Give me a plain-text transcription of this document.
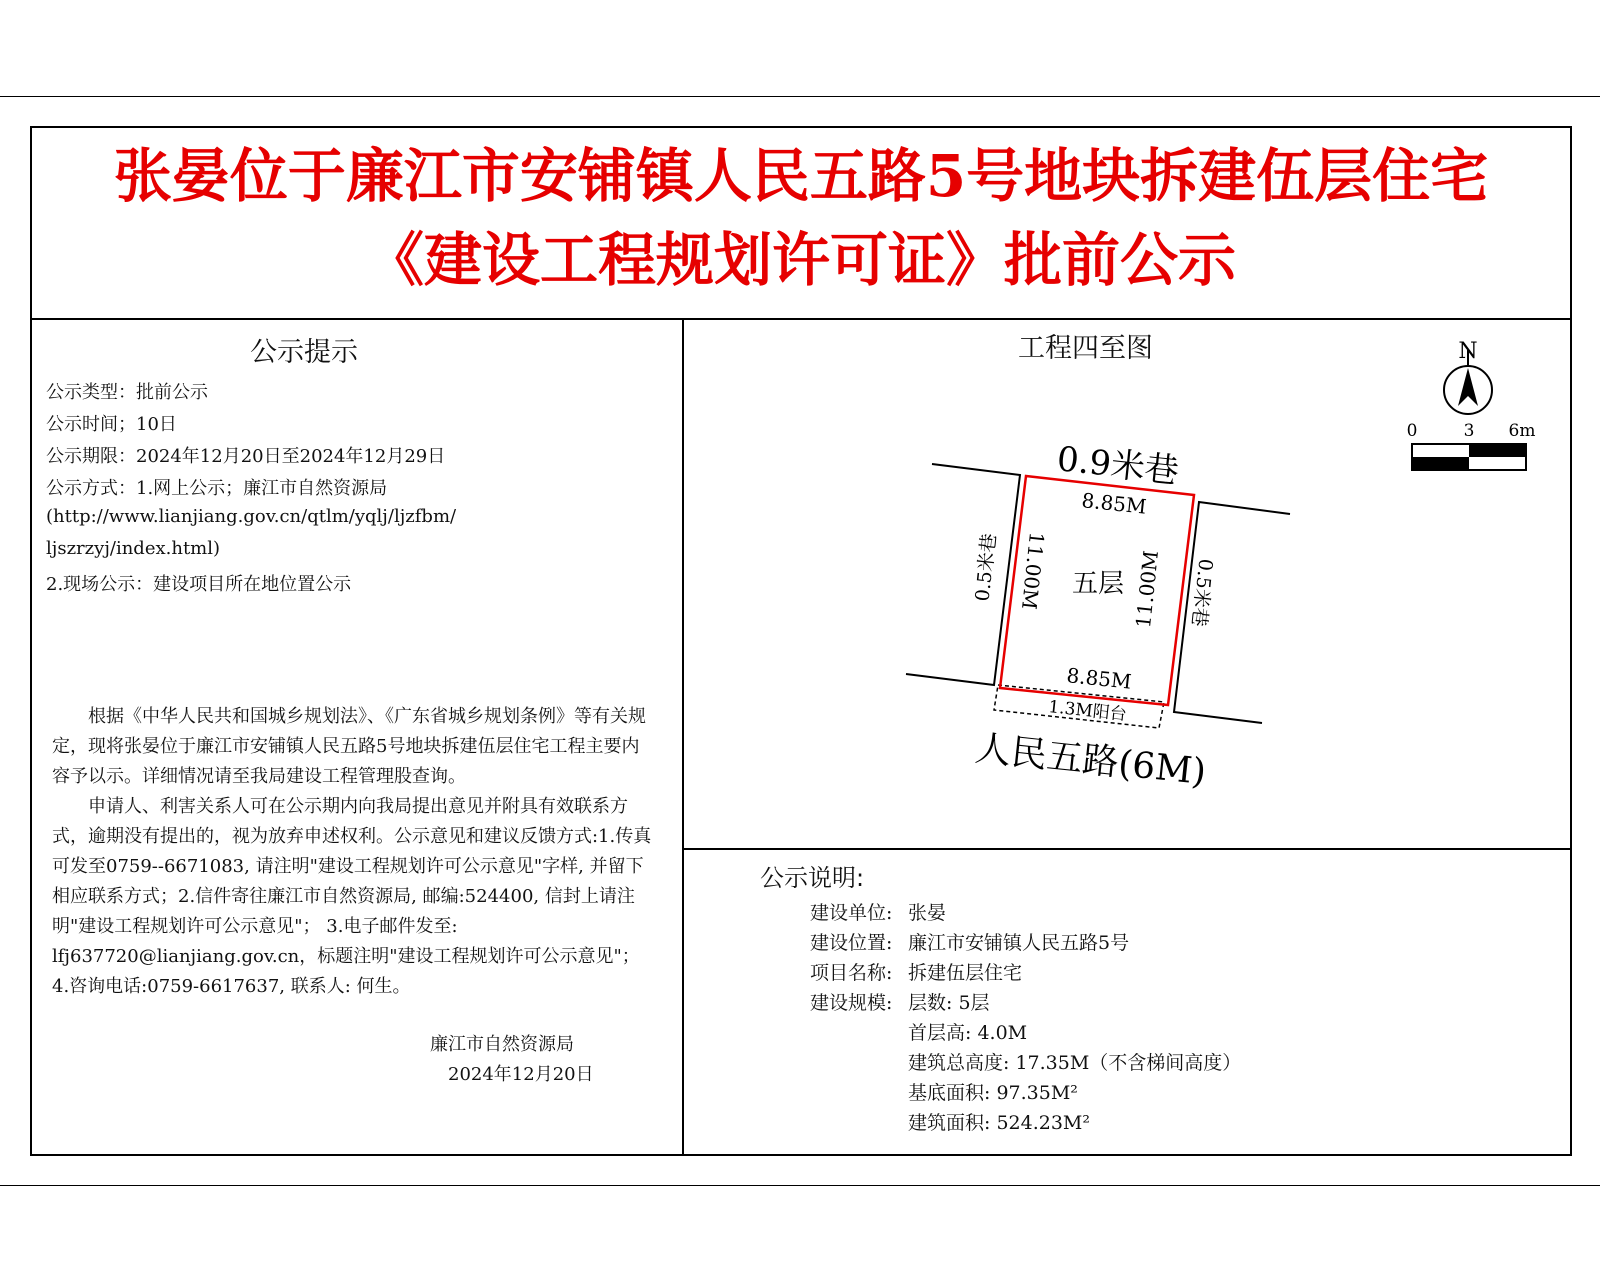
张晏位于廉江市安铺镇人民五路5号地块拆建伍层住宅
《建设工程规划许可证》批前公示
公示提示
公示类型：批前公示
公示时间；10日
公示期限：2024年12月20日至2024年12月29日
公示方式：1.网上公示；廉江市自然资源局
(http://www.lianjiang.gov.cn/qtlm/yqlj/ljzfbm/
ljszrzyj/index.html)
2.现场公示：建设项目所在地位置公示

根据《中华人民共和国城乡规划法》、《广东省城乡规划条例》等有关规定，现将张晏位于廉江市安铺镇人民五路5号地块拆建伍层住宅工程主要内容予以示。详细情况请至我局建设工程管理股查询。

申请人、利害关系人可在公示期内向我局提出意见并附具有效联系方式，逾期没有提出的，视为放弃申述权利。公示意见和建议反馈方式:1.传真可发至0759--6671083, 请注明"建设工程规划许可公示意见"字样, 并留下相应联系方式；2.信件寄往廉江市自然资源局, 邮编:524400, 信封上请注明"建设工程规划许可公示意见"； 3.电子邮件发至: lfj637720@lianjiang.gov.cn，标题注明"建设工程规划许可公示意见"；4.咨询电话:0759-6617637, 联系人: 何生。

廉江市自然资源局
2024年12月20日
工程四至图	N
0	3 6m
0.9米巷
8.85M
8.85M
五层
11.00M	11.00M
0.5米巷	0.5米巷
1.3M阳台
人民五路(6M)
公示说明:
建设单位: 张晏
建设位置: 廉江市安铺镇人民五路5号
项目名称: 拆建伍层住宅
建设规模: 层数: 5层
首层高: 4.0M
建筑总高度: 17.35M（不含梯间高度）
基底面积: 97.35M²
建筑面积: 524.23M²
